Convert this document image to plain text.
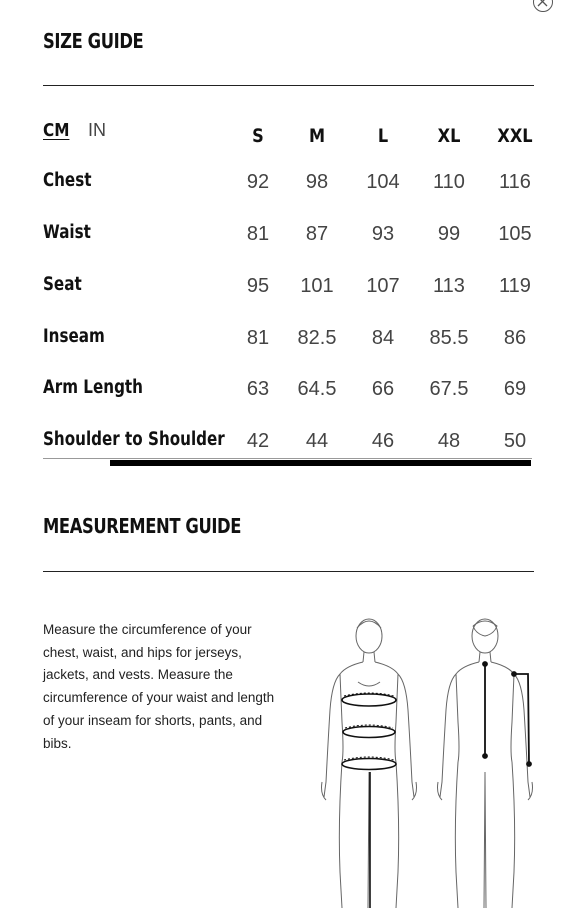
SIZE GUIDE
CM IN	S	M	L	XL	XXL
Chest	92	98	104	110	116
Waist	81	87	93	99	105
Seat	95	101	107	113	119
Inseam	81	82.5	84	85.5	86
Arm Length	63	64.5	66	67.5	69
Shoulder to Shoulder	42	44	46	48	50
MEASUREMENT GUIDE

Measure the circumference of your chest, waist, and hips for jerseys, jackets, and vests. Measure the circumference of your waist and length of your inseam for shorts, pants, and bibs.
